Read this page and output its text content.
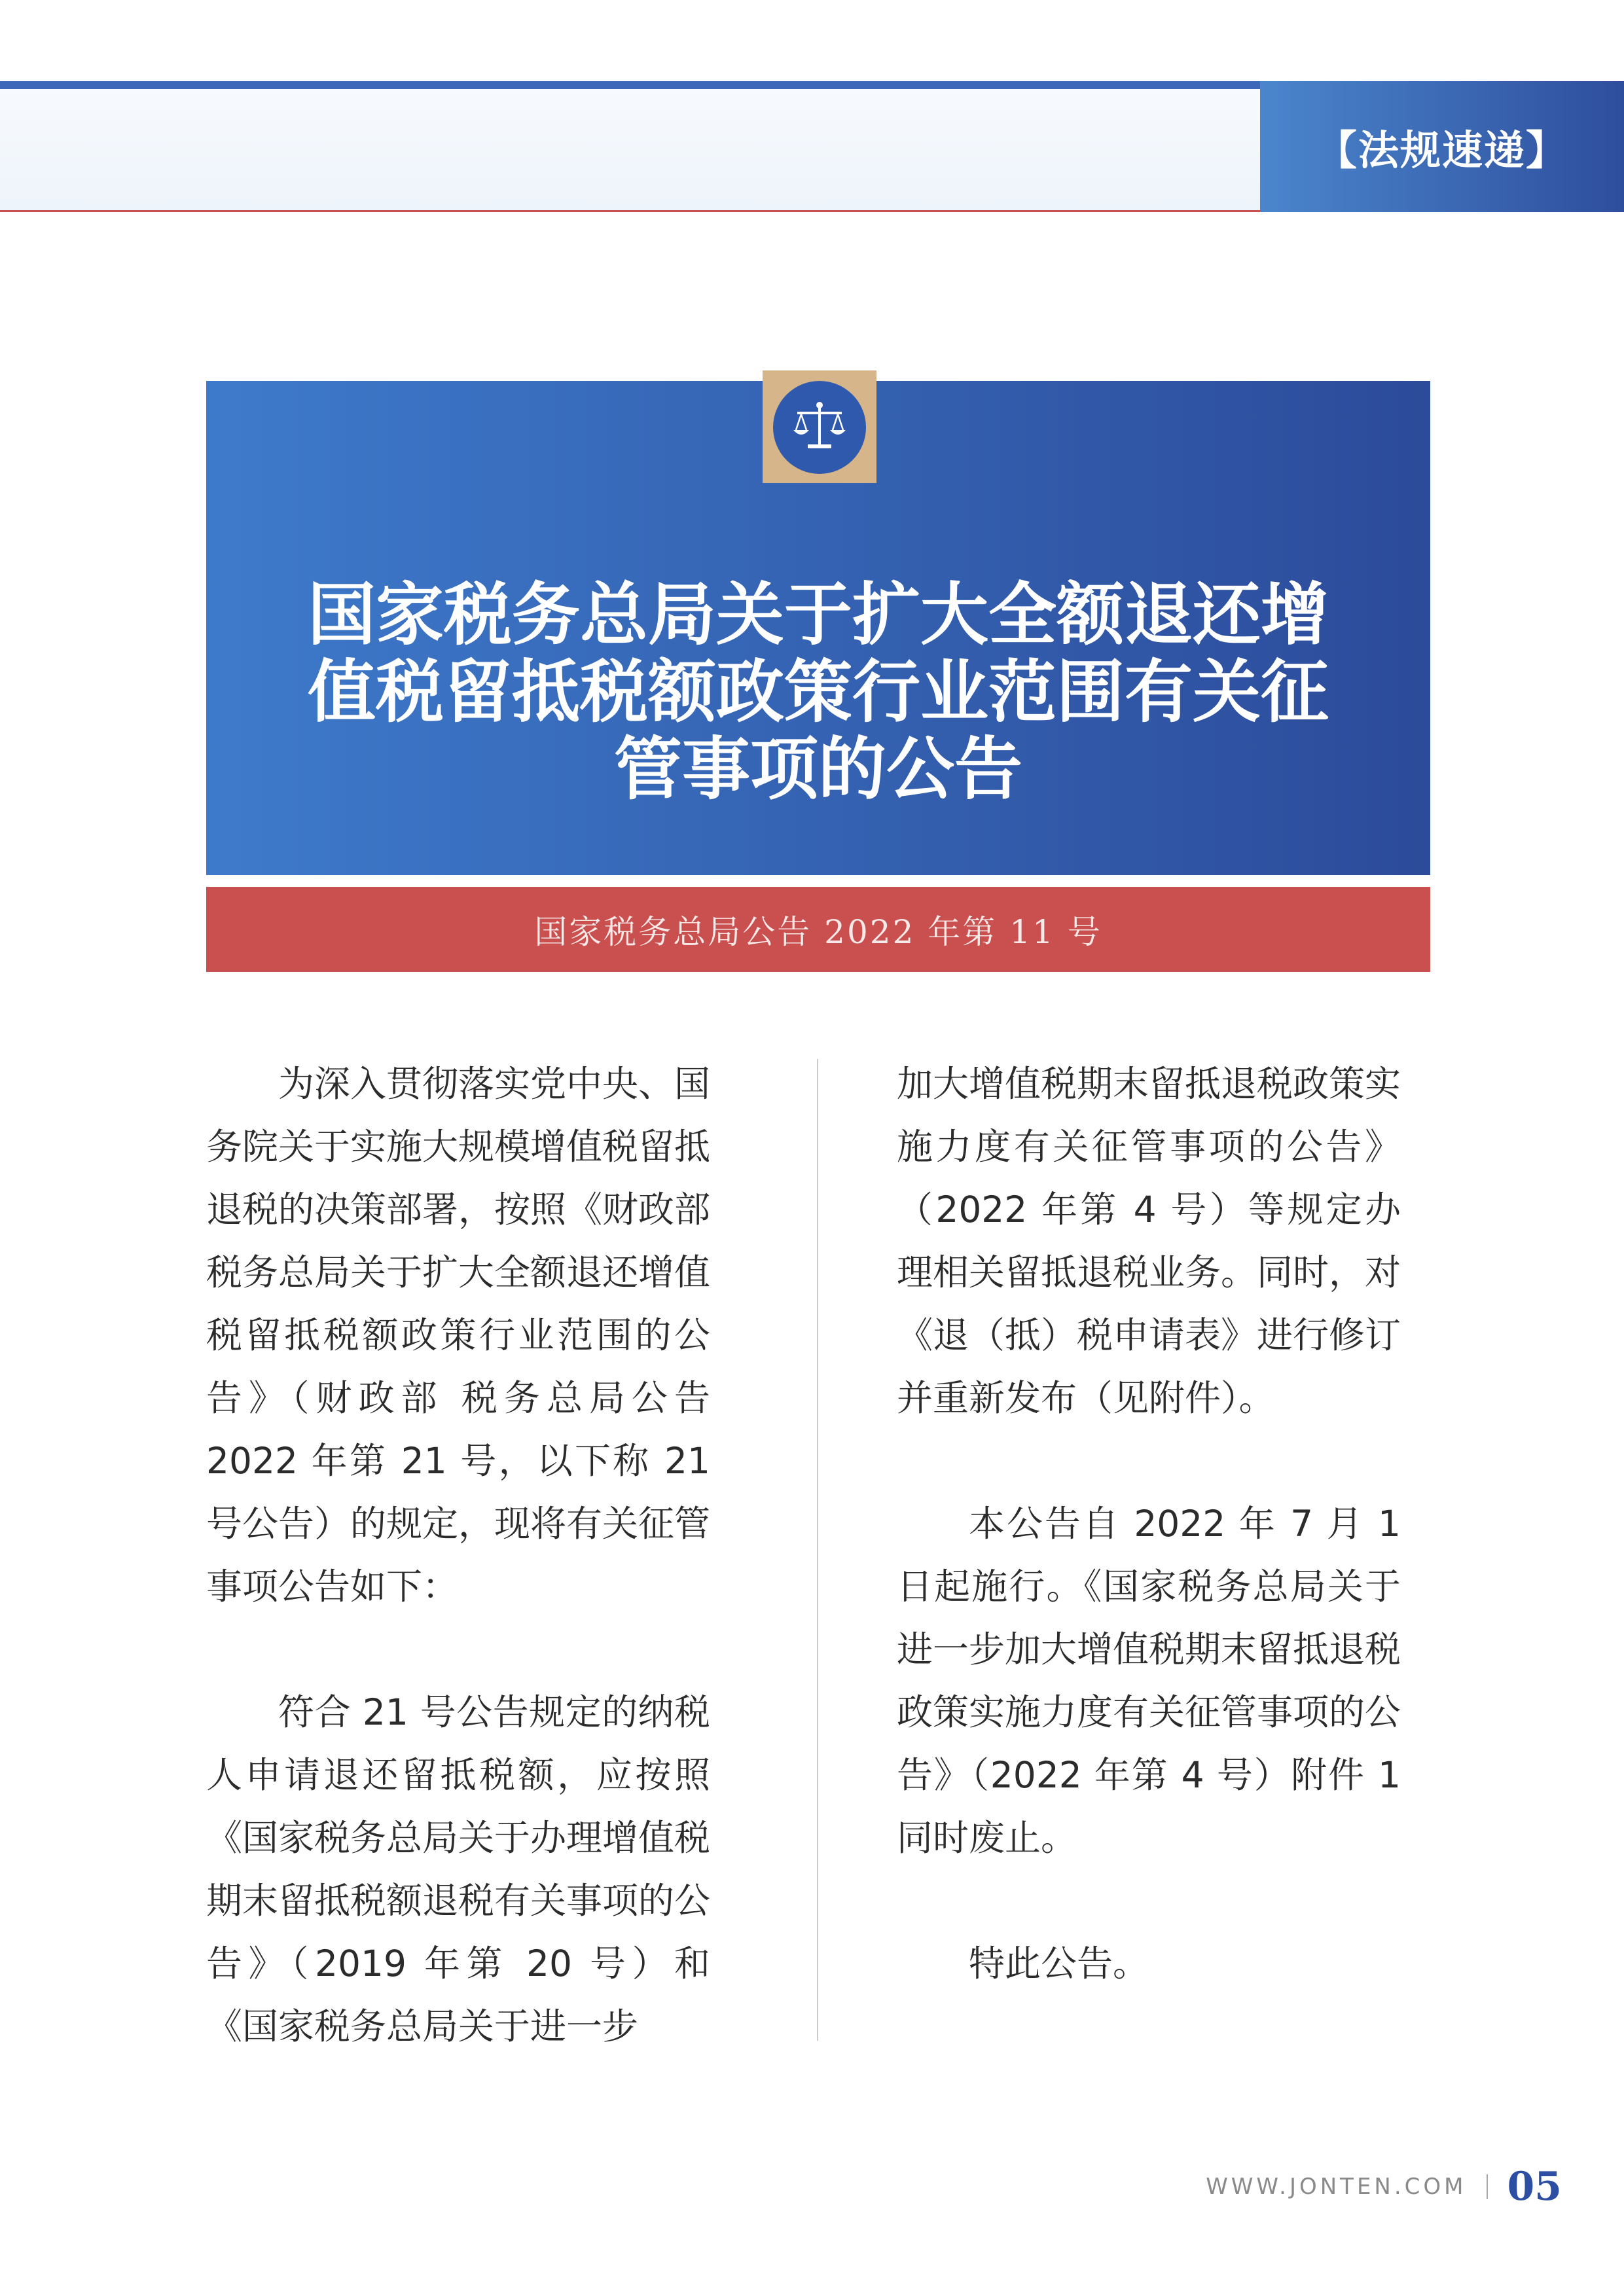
【法规速递】
国家税务总局关于扩大全额退还增
值税留抵税额政策行业范围有关征
管事项的公告
国家税务总局公告 2022 年第 11 号

为深入贯彻落实党中央、国务院关于实施大规模增值税留抵退税的决策部署，按照《财政部 税务总局关于扩大全额退还增值税留抵税额政策行业范围的公告》（财政部 税务总局公告 2022 年第 21 号，以下称 21 号公告）的规定，现将有关征管事项公告如下：

符合 21 号公告规定的纳税人申请退还留抵税额，应按照《国家税务总局关于办理增值税期末留抵税额退税有关事项的公告》（2019 年第 20 号）和《国家税务总局关于进一步

加大增值税期末留抵退税政策实施力度有关征管事项的公告》（2022 年第 4 号）等规定办理相关留抵退税业务。同时，对《退（抵）税申请表》进行修订并重新发布（见附件）。

本公告自 2022 年 7 月 1 日起施行。《国家税务总局关于进一步加大增值税期末留抵退税政策实施力度有关征管事项的公告》（2022 年第 4 号）附件 1 同时废止。

特此公告。

WWW.JONTEN.COM 05
